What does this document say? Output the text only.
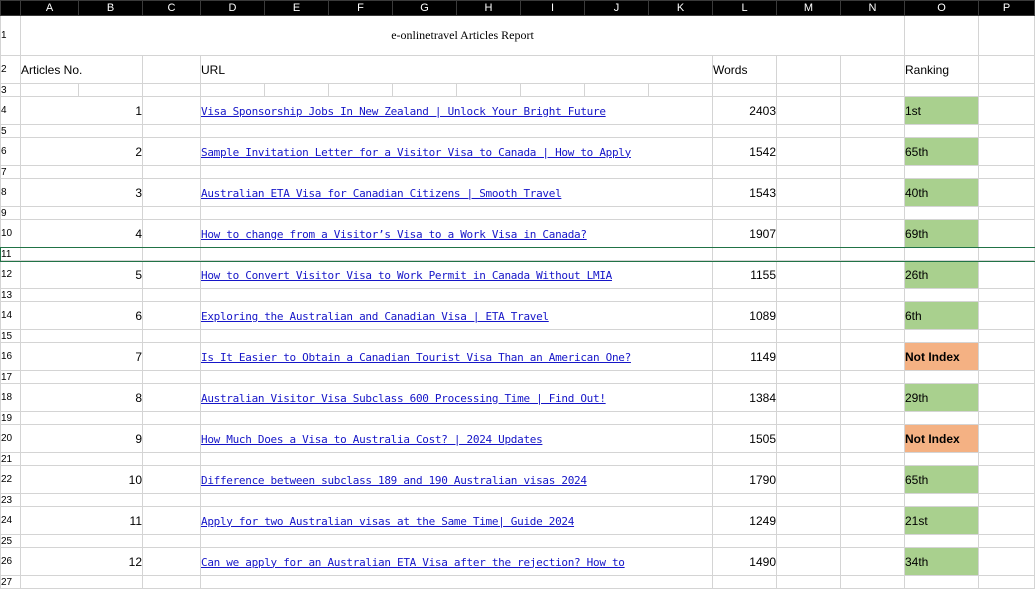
	A	B	C	D	E	F	G	H	I	J	K	L	M	N	O	P
1	e-onlinetravel Articles Report															
2	Articles No.			URL								Words			Ranking	
3																
4	1			Visa Sponsorship Jobs In New Zealand | Unlock Your Bright Future								2403			1st	
5																
6	2			Sample Invitation Letter for a Visitor Visa to Canada | How to Apply								1542			65th	
7																
8	3			Australian ETA Visa for Canadian Citizens | Smooth Travel								1543			40th	
9																
10	4			How to change from a Visitor’s Visa to a Work Visa in Canada?								1907			69th	
11																
12	5			How to Convert Visitor Visa to Work Permit in Canada Without LMIA								1155			26th	
13																
14	6			Exploring the Australian and Canadian Visa | ETA Travel								1089			6th	
15																
16	7			Is It Easier to Obtain a Canadian Tourist Visa Than an American One?								1149			Not Index	
17																
18	8			Australian Visitor Visa Subclass 600 Processing Time | Find Out!								1384			29th	
19																
20	9			How Much Does a Visa to Australia Cost? | 2024 Updates								1505			Not Index	
21																
22	10			Difference between subclass 189 and 190 Australian visas 2024								1790			65th	
23																
24	11			Apply for two Australian visas at the Same Time| Guide 2024								1249			21st	
25																
26	12			Can we apply for an Australian ETA Visa after the rejection? How to								1490			34th	
27																
